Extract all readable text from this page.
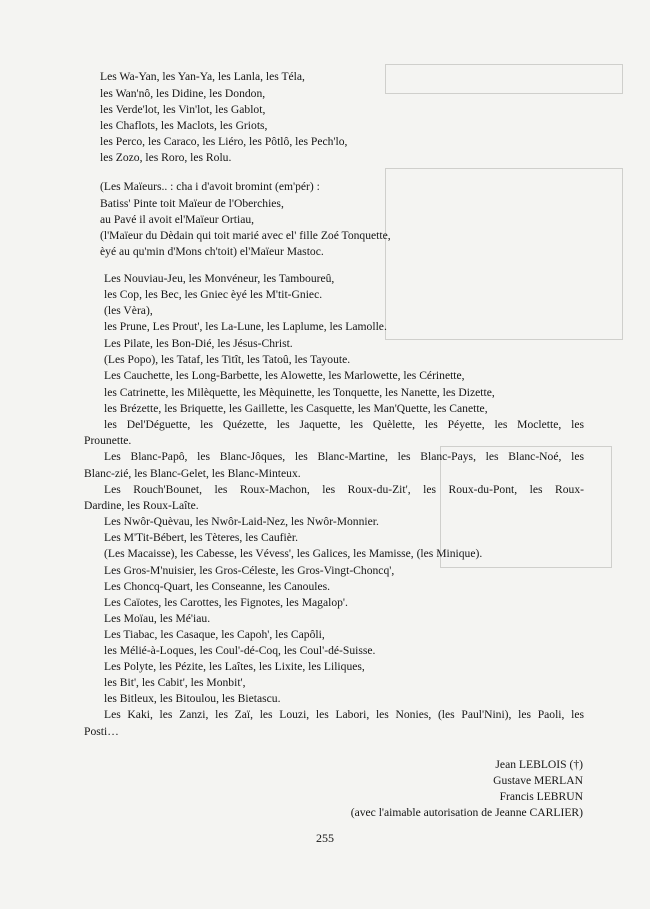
Les Wa-Yan, les Yan-Ya, les Lanla, les Téla,
les Wan'nô, les Didine, les Dondon,
les Verde'lot, les Vin'lot, les Gablot,
les Chaflots, les Maclots, les Griots,
les Perco, les Caraco, les Liéro, les Pôtlô, les Pech'lo,
les Zozo, les Roro, les Rolu.
(Les Maïeurs.. : cha i d'avoit bromint (em'pér) :
Batiss' Pinte toit Maïeur de l'Oberchies,
au Pavé il avoit el'Maïeur Ortiau,
(l'Maïeur du Dèdain qui toit marié avec el' fille Zoé Tonquette,
èyé au qu'min d'Mons ch'toit) el'Maïeur Mastoc.
Les Nouviau-Jeu, les Monvéneur, les Tamboureû,
les Cop, les Bec, les Gniec èyé les M'tit-Gniec.
(les Vèra),
les Prune, Les Prout', les La-Lune, les Laplume, les Lamolle.
Les Pilate, les Bon-Dié, les Jésus-Christ.
(Les Popo), les Tataf, les Titît, les Tatoû, les Tayoute.
Les Cauchette, les Long-Barbette, les Alowette, les Marlowette, les Cérinette,
les Catrinette, les Milèquette, les Mèquinette, les Tonquette, les Nanette, les Dizette,
les Brézette, les Briquette, les Gaillette, les Casquette, les Man'Quette, les Canette,
les Del'Déguette, les Quézette, les Jaquette, les Quèlette, les Péyette, les Moclette, les
Prounette.
Les Blanc-Papô, les Blanc-Jôques, les Blanc-Martine, les Blanc-Pays, les Blanc-Noé, les
Blanc-zié, les Blanc-Gelet, les Blanc-Minteux.
Les Rouch'Bounet, les Roux-Machon, les Roux-du-Zit', les Roux-du-Pont, les Roux-
Dardine, les Roux-Laîte.
Les Nwôr-Quèvau, les Nwôr-Laid-Nez, les Nwôr-Monnier.
Les M'Tit-Bébert, les Tèteres, les Caufièr.
(Les Macaisse), les Cabesse, les Vévess', les Galices, les Mamisse, (les Minique).
Les Gros-M'nuisier, les Gros-Céleste, les Gros-Vingt-Choncq',
Les Choncq-Quart, les Conseanne, les Canoules.
Les Caïotes, les Carottes, les Fignotes, les Magalop'.
Les Moïau, les Mé'iau.
Les Tiabac, les Casaque, les Capoh', les Capôli,
les Mélié-à-Loques, les Coul'-dé-Coq, les Coul'-dé-Suisse.
Les Polyte, les Pézite, les Laîtes, les Lixite, les Liliques,
les Bit', les Cabit', les Monbit',
les Bitleux, les Bitoulou, les Bietascu.
Les Kaki, les Zanzi, les Zaï, les Louzi, les Labori, les Nonies, (les Paul'Nini), les Paoli, les
Posti…
Jean LEBLOIS (†)
Gustave MERLAN
Francis LEBRUN
(avec l'aimable autorisation de Jeanne CARLIER)
255
